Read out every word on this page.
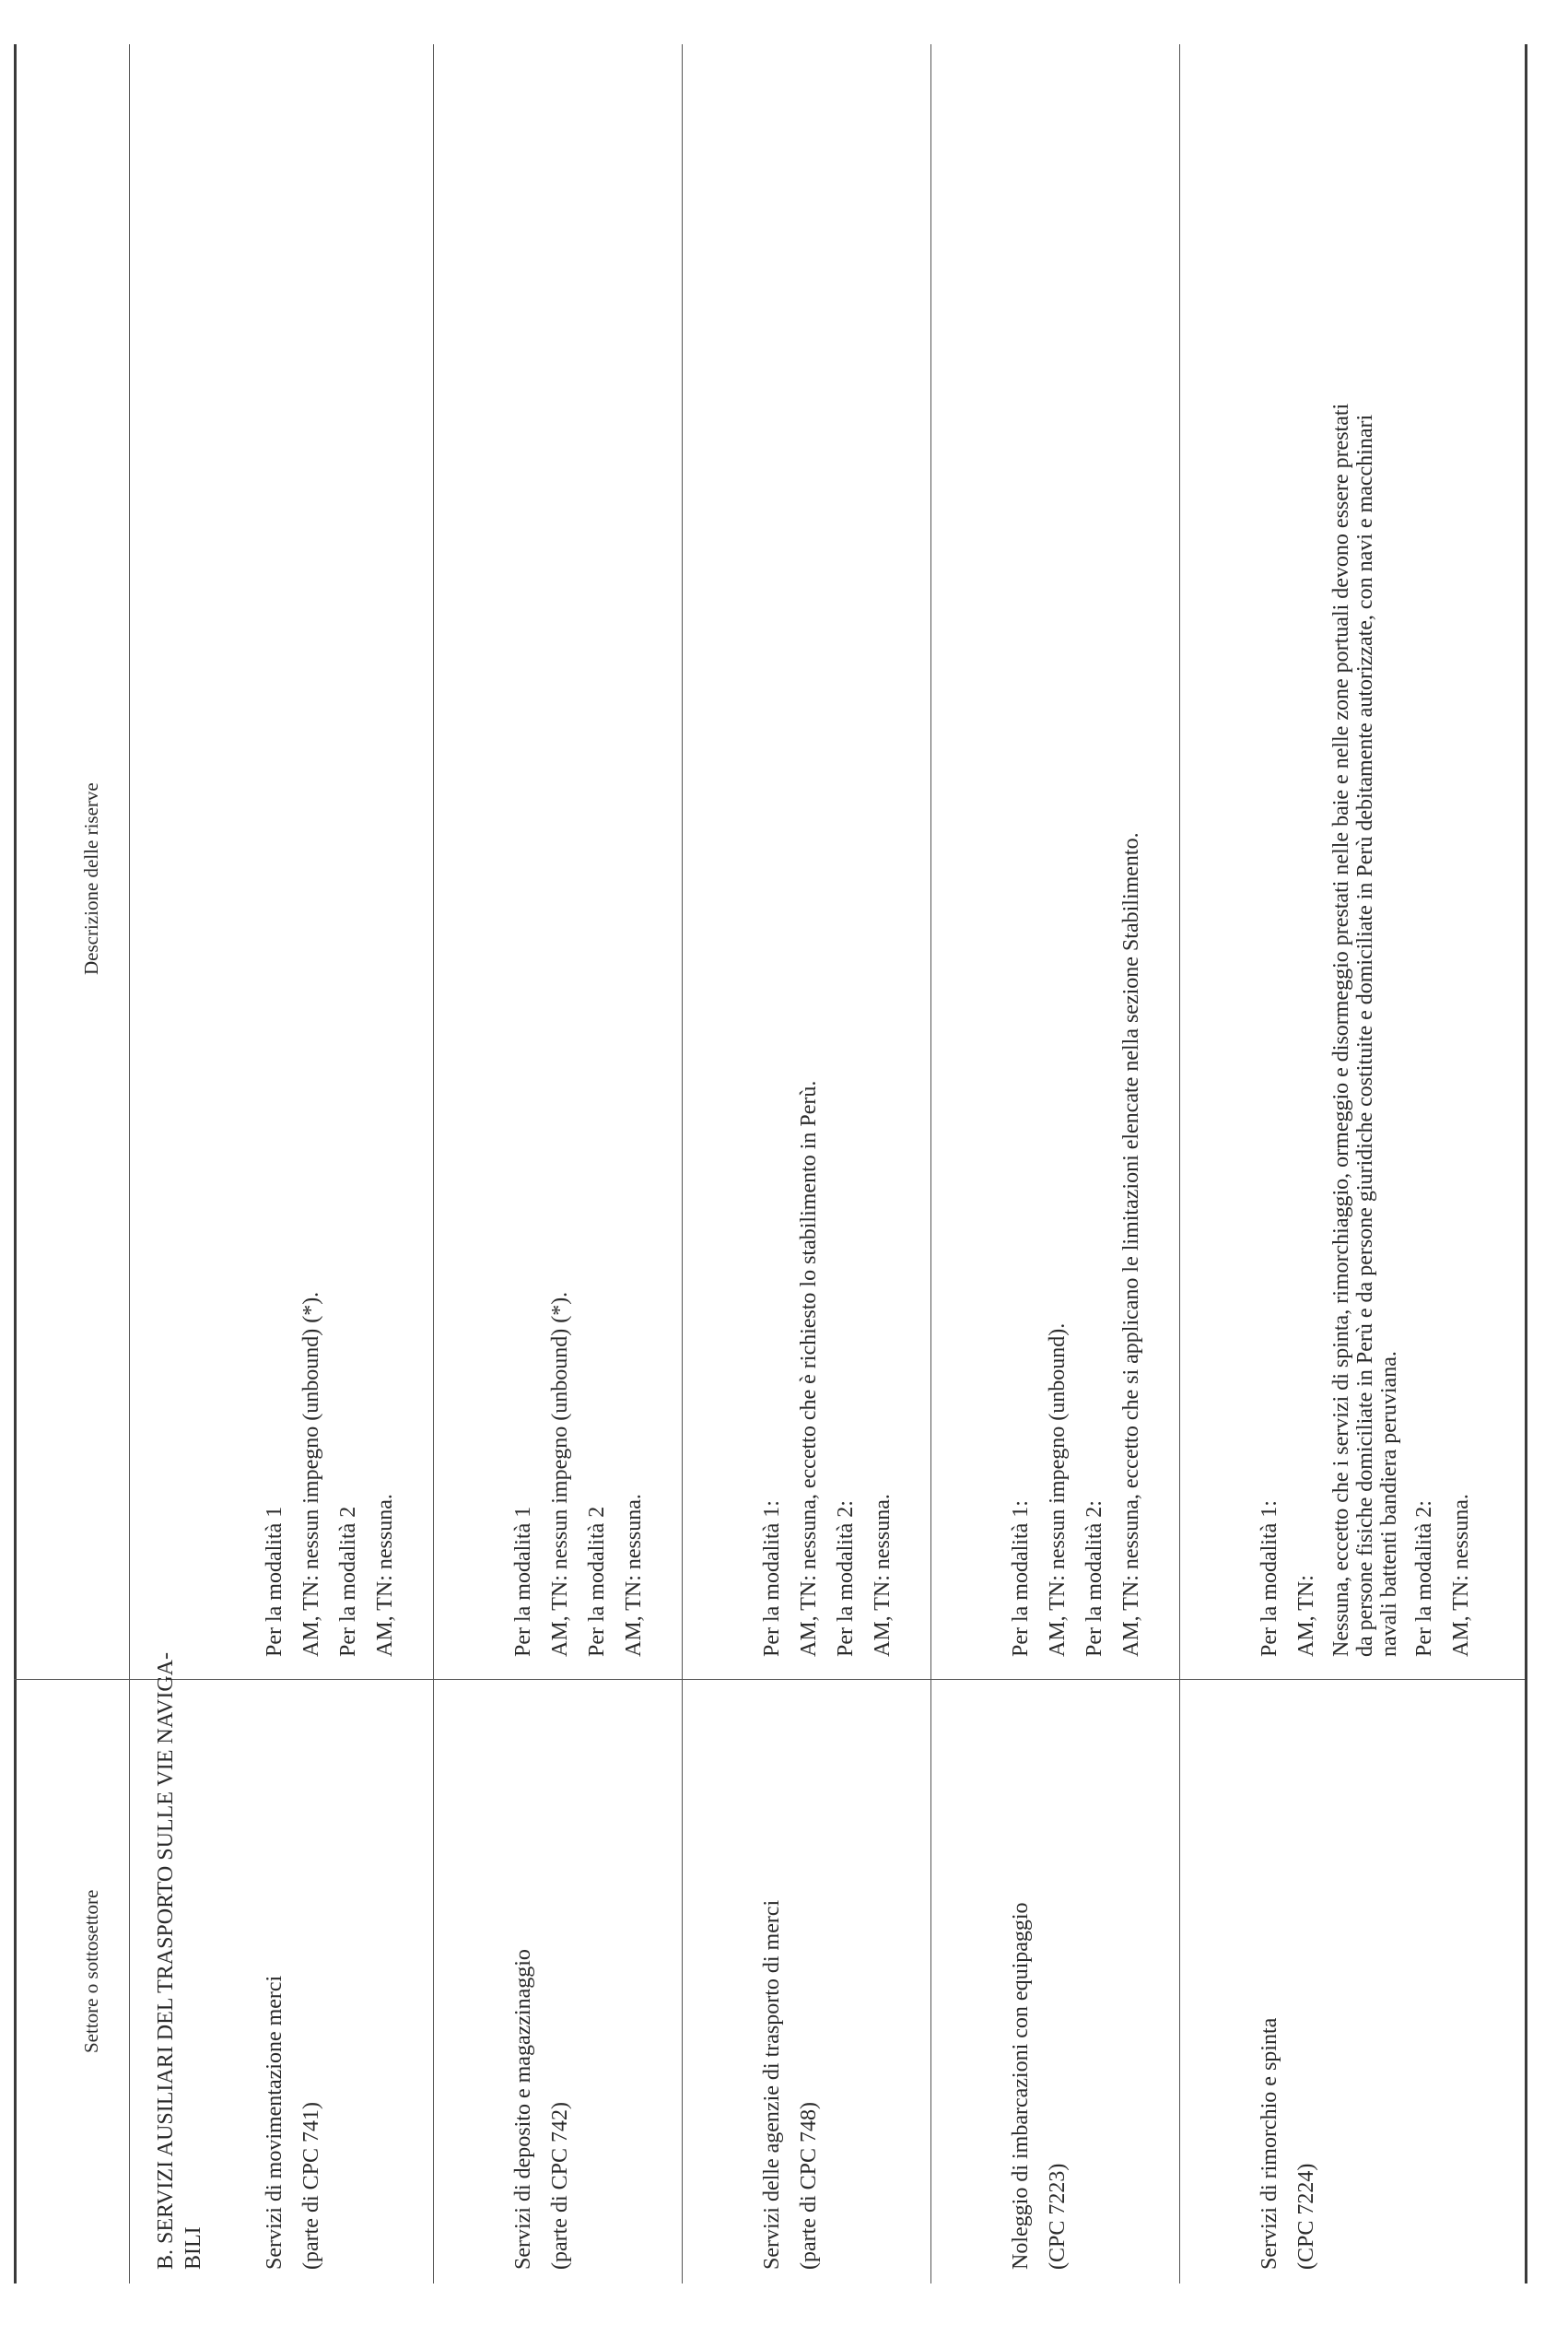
Settore o sottosettore
Descrizione delle riserve
B. SERVIZI AUSILIARI DEL TRASPORTO SULLE VIE NAVIGA- BILI	Servizi di movimentazione merci (parte di CPC 741)
Per la modalità 1 AM, TN: nessun impegno (unbound) (*). Per la modalità 2 AM, TN: nessuna.
Servizi di deposito e magazzinaggio (parte di CPC 742)
Per la modalità 1 AM, TN: nessun impegno (unbound) (*). Per la modalità 2 AM, TN: nessuna.
Servizi delle agenzie di trasporto di merci (parte di CPC 748)
Per la modalità 1: AM, TN: nessuna, eccetto che è richiesto lo stabilimento in Perù. Per la modalità 2: AM, TN: nessuna.
Noleggio di imbarcazioni con equipaggio (CPC 7223)
Per la modalità 1: AM, TN: nessun impegno (unbound). Per la modalità 2: AM, TN: nessuna, eccetto che si applicano le limitazioni elencate nella sezione Stabilimento.
Servizi di rimorchio e spinta (CPC 7224)
Per la modalità 1: AM, TN: Nessuna, eccetto che i servizi di spinta, rimorchiaggio, ormeggio e disormeggio prestati nelle baie e nelle zone portuali devono essere prestati da persone fisiche domiciliate in Perù e da persone giuridiche costituite e domiciliate in Perù debitamente autorizzate, con navi e macchinari navali battenti bandiera peruviana. Per la modalità 2: AM, TN: nessuna.
